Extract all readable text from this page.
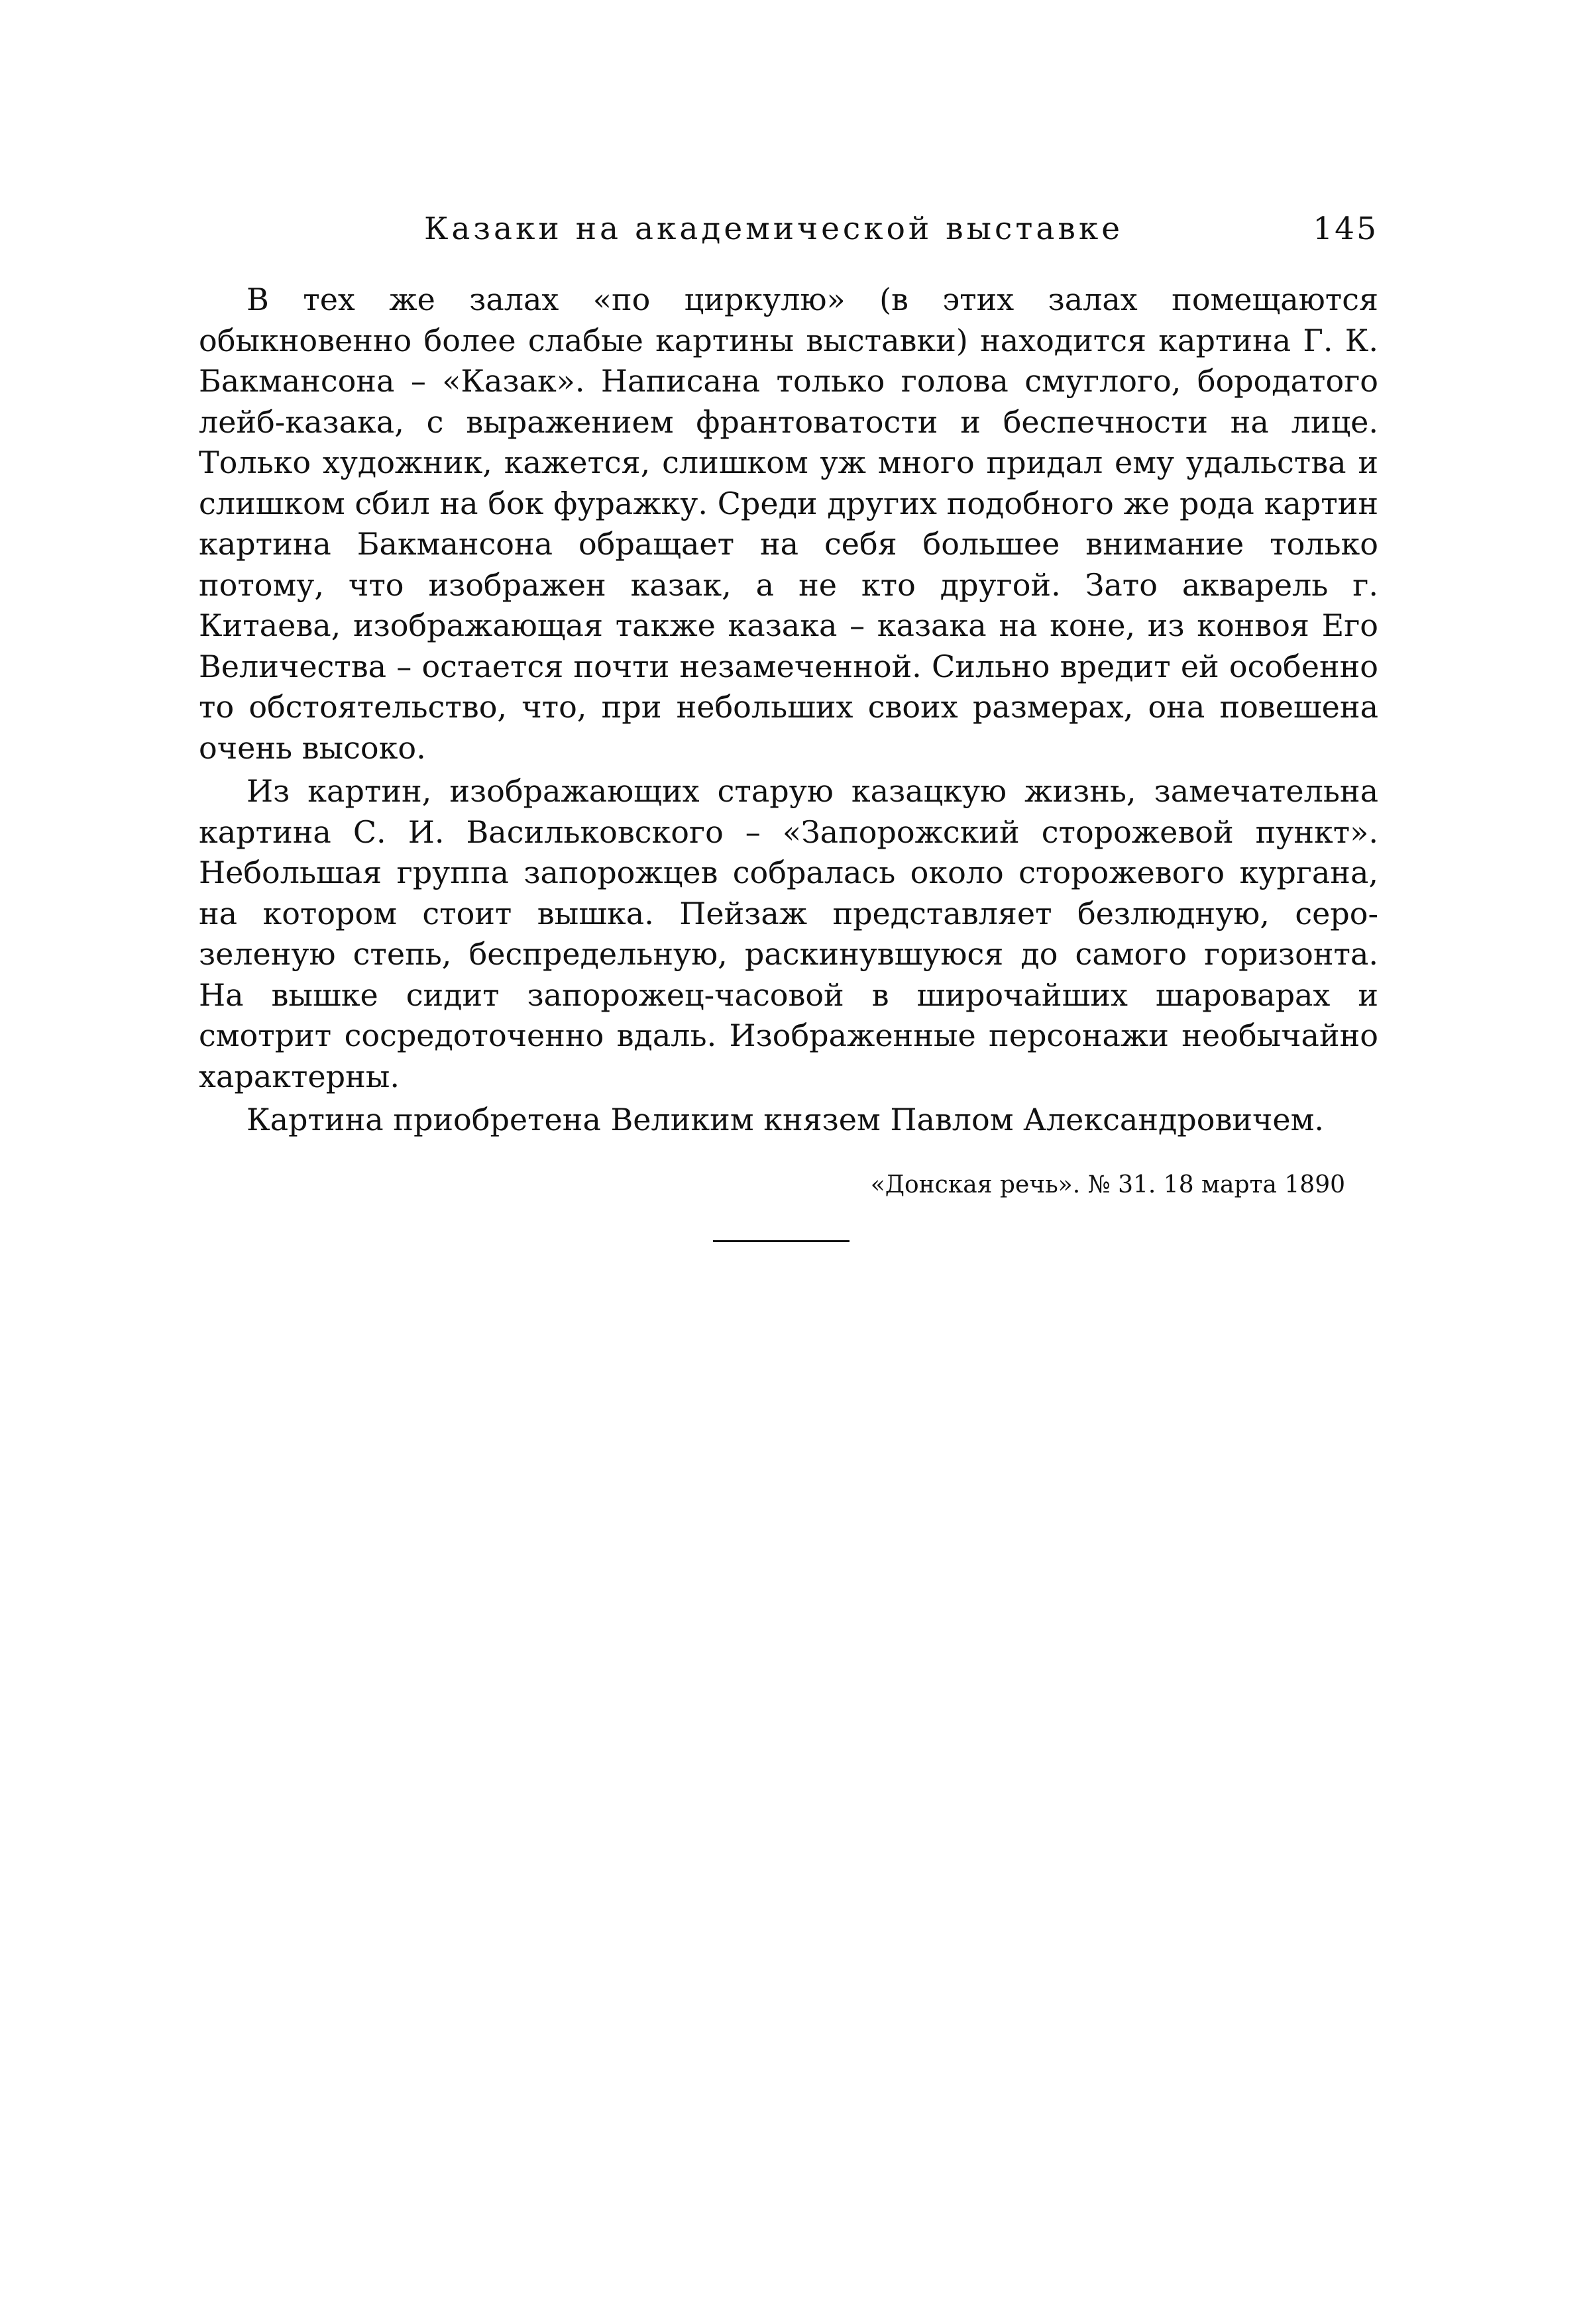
Казаки на академической выставке	145

В тех же залах «по циркулю» (в этих залах помещаются обыкновенно более слабые картины выставки) находится картина Г. К. Бакмансона – «Казак». Написана только голова смуглого, бородатого лейб-казака, с выражением франтоватости и беспечности на лице. Только художник, кажется, слишком уж много придал ему удальства и слишком сбил на бок фуражку. Среди других подобного же рода картин картина Бакмансона обращает на себя большее внимание только потому, что изображен казак, а не кто другой. Зато акварель г. Китаева, изображающая также казака – казака на коне, из конвоя Его Величества – остается почти незамеченной. Сильно вредит ей особенно то обстоятельство, что, при небольших своих размерах, она повешена очень высоко.

Из картин, изображающих старую казацкую жизнь, замечательна картина С. И. Васильковского – «Запорожский сторожевой пункт». Небольшая группа запорожцев собралась около сторожевого кургана, на котором стоит вышка. Пейзаж представляет безлюдную, серо-зеленую степь, беспредельную, раскинувшуюся до самого горизонта. На вышке сидит запорожец-часовой в широчайших шароварах и смотрит сосредоточенно вдаль. Изображенные персонажи необычайно характерны.

Картина приобретена Великим князем Павлом Александровичем.

«Донская речь». № 31. 18 марта 1890
